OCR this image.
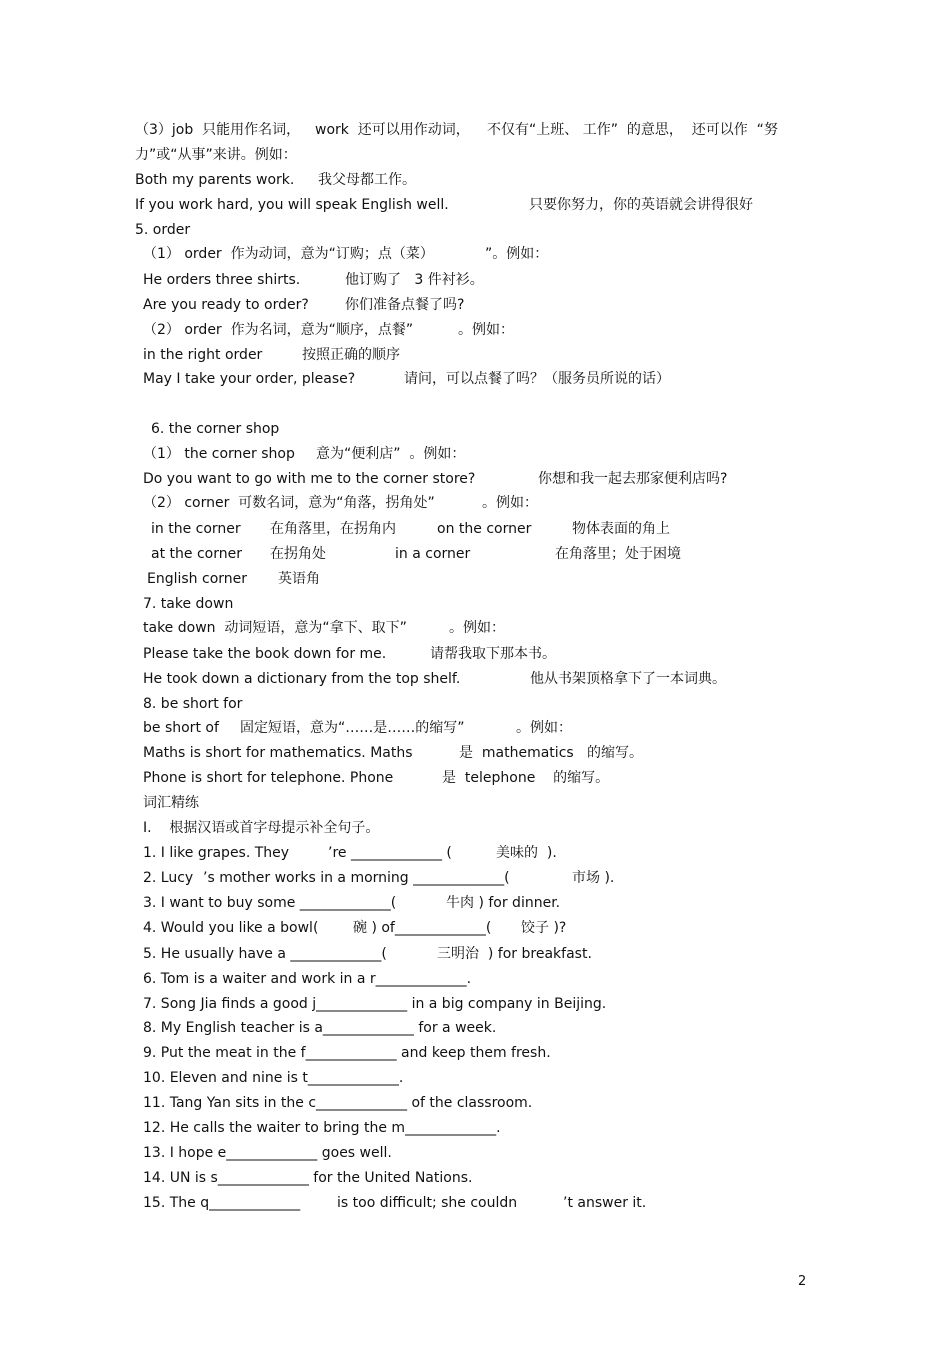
（3）job  只能用作名词， work  还可以用作动词， 不仅有“上班、 工作”  的意思，  还可以作  “努
力”或“从事”来讲。例如：
Both my parents work. 我父母都工作。
If you work hard, you will speak English well.	只要你努力，你的英语就会讲得很好
5. order
（1） order  作为动词，意为“订购；点（菜）	”。例如：
He orders three shirts.	他订购了   3 件衬衫。
Are you ready to order?	你们准备点餐了吗?
（2） order  作为名词，意为“顺序，点餐”	。例如：
in the right order	按照正确的顺序
May I take your order, please?	请问，可以点餐了吗？（服务员所说的话）
6. the corner shop
（1） the corner shop 意为“便利店”  。例如：
Do you want to go with me to the corner store?	你想和我一起去那家便利店吗?
（2） corner  可数名词，意为“角落，拐角处”	。例如：
in the corner 在角落里，在拐角内	on the corner	物体表面的角上
at the corner 在拐角处	in a corner	在角落里；处于困境
English corner 英语角
7. take down
take down  动词短语，意为“拿下、取下”	。例如：
Please take the book down for me.	请帮我取下那本书。
He took down a dictionary from the top shelf.	他从书架顶格拿下了一本词典。
8. be short for
be short of 固定短语，意为“……是……的缩写”	。例如：
Maths is short for mathematics. Maths	是  mathematics   的缩写。
Phone is short for telephone. Phone	是  telephone    的缩写。
词汇精练
I.    根据汉语或首字母提示补全句子。
1. I like grapes. They	’re _____________ (	美味的  ).
2. Lucy ’s mother works in a morning _____________(	市场 ).
3. I want to buy some _____________(	牛肉 ) for dinner.
4. Would you like a bowl( 碗 ) of_____________( 饺子 )?
5. He usually have a _____________(	三明治  ) for breakfast.
6. Tom is a waiter and work in a r_____________.
7. Song Jia finds a good j_____________ in a big company in Beijing.
8. My English teacher is a_____________ for a week.
9. Put the meat in the f_____________ and keep them fresh.
10. Eleven and nine is t_____________.
11. Tang Yan sits in the c_____________ of the classroom.
12. He calls the waiter to bring the m_____________.
13. I hope e_____________ goes well.
14. UN is s_____________ for the United Nations.
15. The q_____________	is too difficult; she couldn	’t answer it.
2
